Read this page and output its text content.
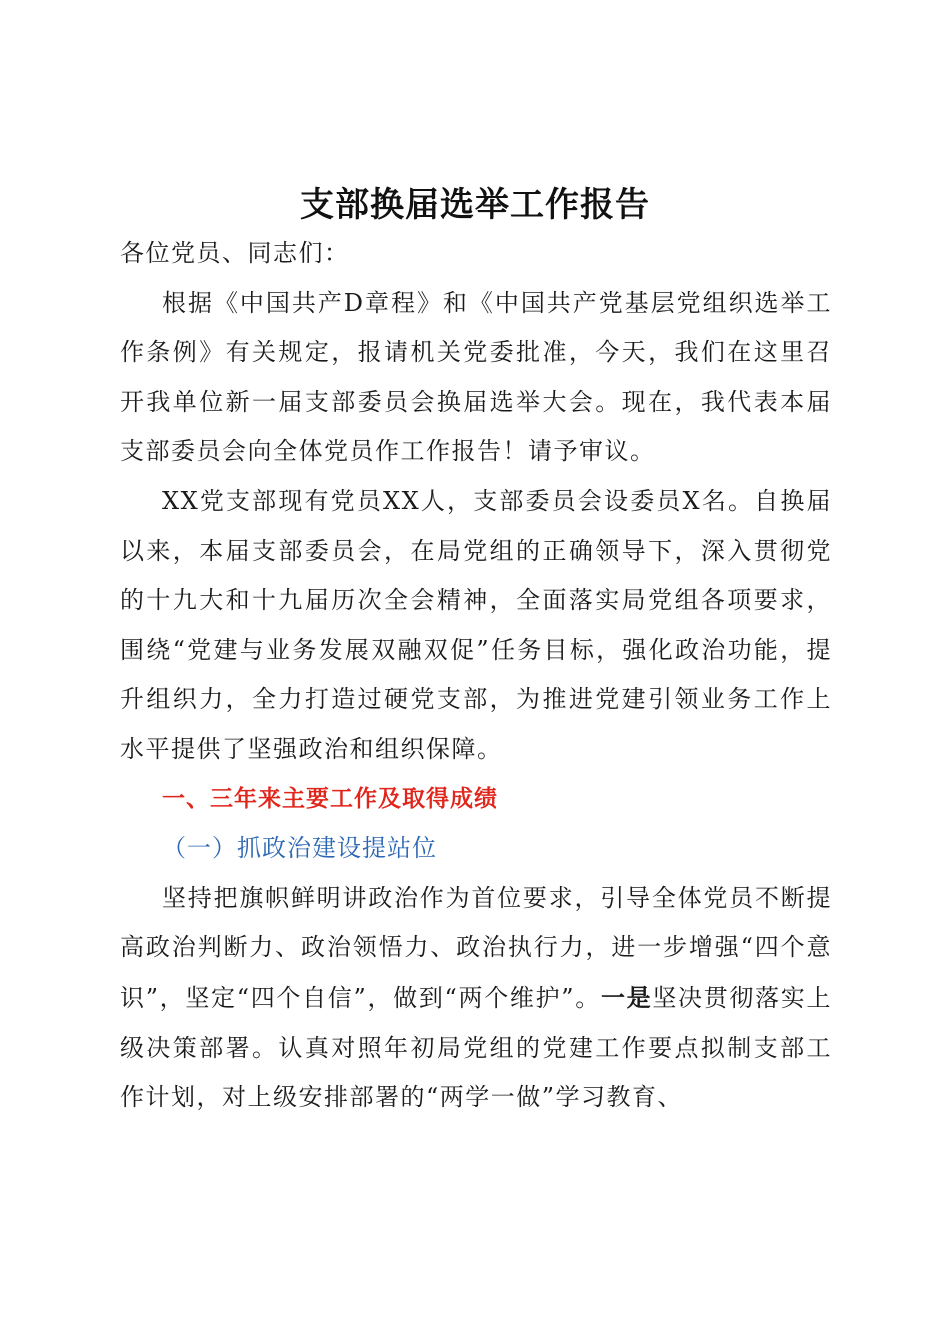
支部换届选举工作报告

各位党员、同志们：

根据《中国共产D章程》和《中国共产党基层党组织选举工作条例》有关规定，报请机关党委批准，今天，我们在这里召开我单位新一届支部委员会换届选举大会。现在，我代表本届支部委员会向全体党员作工作报告！请予审议。

XX党支部现有党员XX人，支部委员会设委员X名。自换届以来，本届支部委员会，在局党组的正确领导下，深入贯彻党的十九大和十九届历次全会精神，全面落实局党组各项要求，围绕“党建与业务发展双融双促”任务目标，强化政治功能，提升组织力，全力打造过硬党支部，为推进党建引领业务工作上水平提供了坚强政治和组织保障。

一、三年来主要工作及取得成绩

（一）抓政治建设提站位

坚持把旗帜鲜明讲政治作为首位要求，引导全体党员不断提高政治判断力、政治领悟力、政治执行力，进一步增强“四个意识”，坚定“四个自信”，做到“两个维护”。一是坚决贯彻落实上级决策部署。认真对照年初局党组的党建工作要点拟制支部工作计划，对上级安排部署的“两学一做”学习教育、
